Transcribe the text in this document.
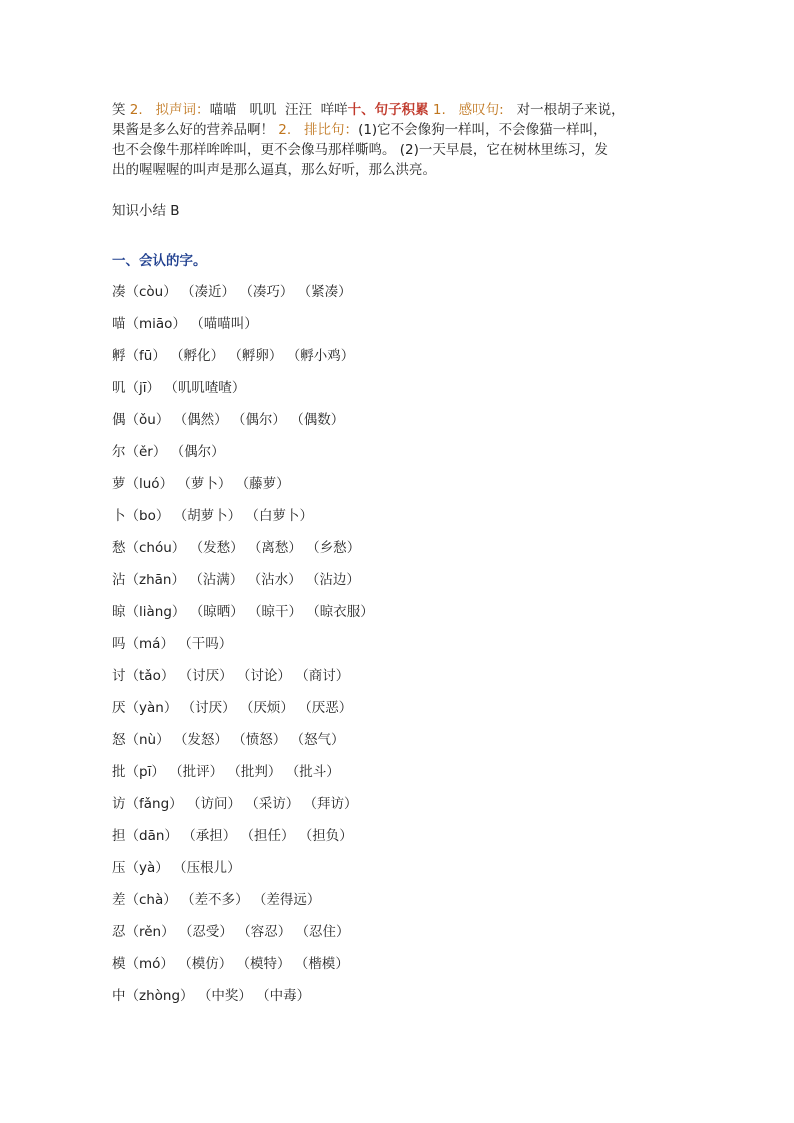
笑 2.   拟声词：喵喵   叽叽  汪汪  咩咩十、句子积累 1.   感叹句:   对一根胡子来说，
果酱是多么好的营养品啊！ 2.   排比句：(1)它不会像狗一样叫，不会像猫一样叫，
也不会像牛那样哞哞叫，更不会像马那样嘶鸣。 (2)一天早晨，它在树林里练习，发
出的喔喔喔的叫声是那么逼真，那么好听，那么洪亮。
知识小结 B
一、会认的字。
凑（còu） （凑近） （凑巧） （紧凑）
喵（miāo） （喵喵叫）
孵（fū） （孵化） （孵卵） （孵小鸡）
叽（jī） （叽叽喳喳）
偶（ǒu） （偶然） （偶尔） （偶数）
尔（ěr） （偶尔）
萝（luó） （萝卜） （藤萝）
卜（bo） （胡萝卜） （白萝卜）
愁（chóu） （发愁） （离愁） （乡愁）
沾（zhān） （沾满） （沾水） （沾边）
晾（liàng） （晾晒） （晾干） （晾衣服）
吗（má） （干吗）
讨（tǎo） （讨厌） （讨论） （商讨）
厌（yàn） （讨厌） （厌烦） （厌恶）
怒（nù） （发怒） （愤怒） （怒气）
批（pī） （批评） （批判） （批斗）
访（fǎng） （访问） （采访） （拜访）
担（dān） （承担） （担任） （担负）
压（yà） （压根儿）
差（chà） （差不多） （差得远）
忍（rěn） （忍受） （容忍） （忍住）
模（mó） （模仿） （模特） （楷模）
中（zhòng） （中奖） （中毒）
